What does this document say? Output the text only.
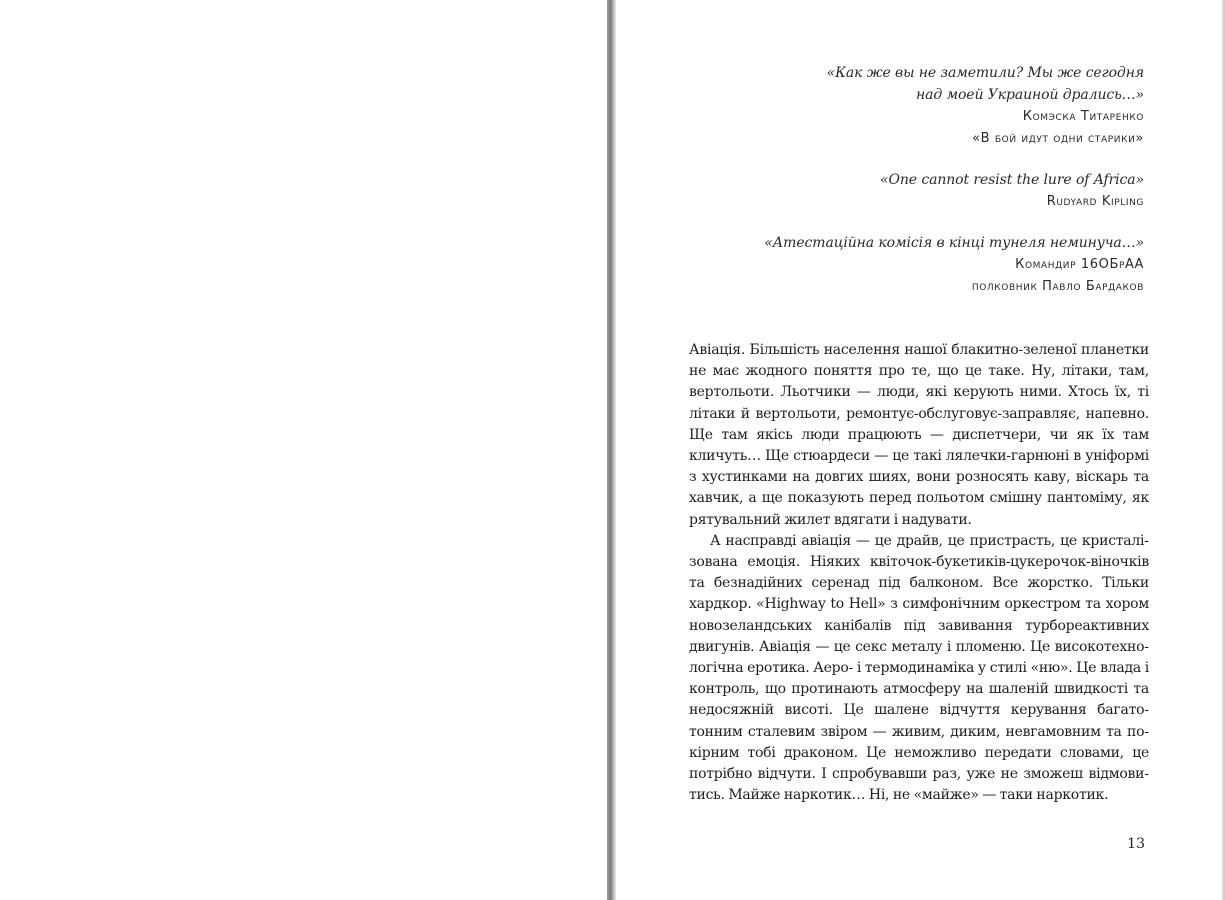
«Как же вы не заметили? Мы же сегодня
над моей Украиной дрались…»
Комэска Титаренко
«В бой идут одни старики»
«One cannot resist the lure of Africa»
Rudyard Kipling
«Атестаційна комісія в кінці тунеля неминуча…»
Командир 16ОБрАА
полковник Павло Бардаков

Авіація. Більшість населення нашої блакитно-зеленої планетки не має жодного поняття про те, що це таке. Ну, літаки, там, вертольоти. Льотчики — люди, які керують ними. Хтось їх, ті літаки й вертольоти, ремонтує-обслуговує-заправляє, напевно. Ще там якісь люди працюють — диспетчери, чи як їх там кличуть… Ще стюардеси — це такі лялечки-гарнюні в уніформі з хустинками на довгих шиях, вони розносять каву, віскарь та хавчик, а ще показують перед польотом смішну пантоміму, як рятувальний жилет вдягати і надувати.

А насправді авіація — це драйв, це пристрасть, це кристалізована емоція. Ніяких квіточок-букетиків-цукерочок-віночків та безнадійних серенад під балконом. Все жорстко. Тільки хардкор. «Highway to Hell» з симфонічним оркестром та хором новозеландських канібалів під завивання турбореактивних двигунів. Авіація — це секс металу і пломеню. Це високотехнологічна еротика. Аеро- і термодинаміка у стилі «ню». Це влада і контроль, що протинають атмосферу на шаленій швидкості та недосяжній висоті. Це шалене відчуття керування багатотонним сталевим звіром — живим, диким, невгамовним та покірним тобі драконом. Це неможливо передати словами, це потрібно відчути. І спробувавши раз, уже не зможеш відмовитись. Майже наркотик… Ні, не «майже» — таки наркотик.

13
